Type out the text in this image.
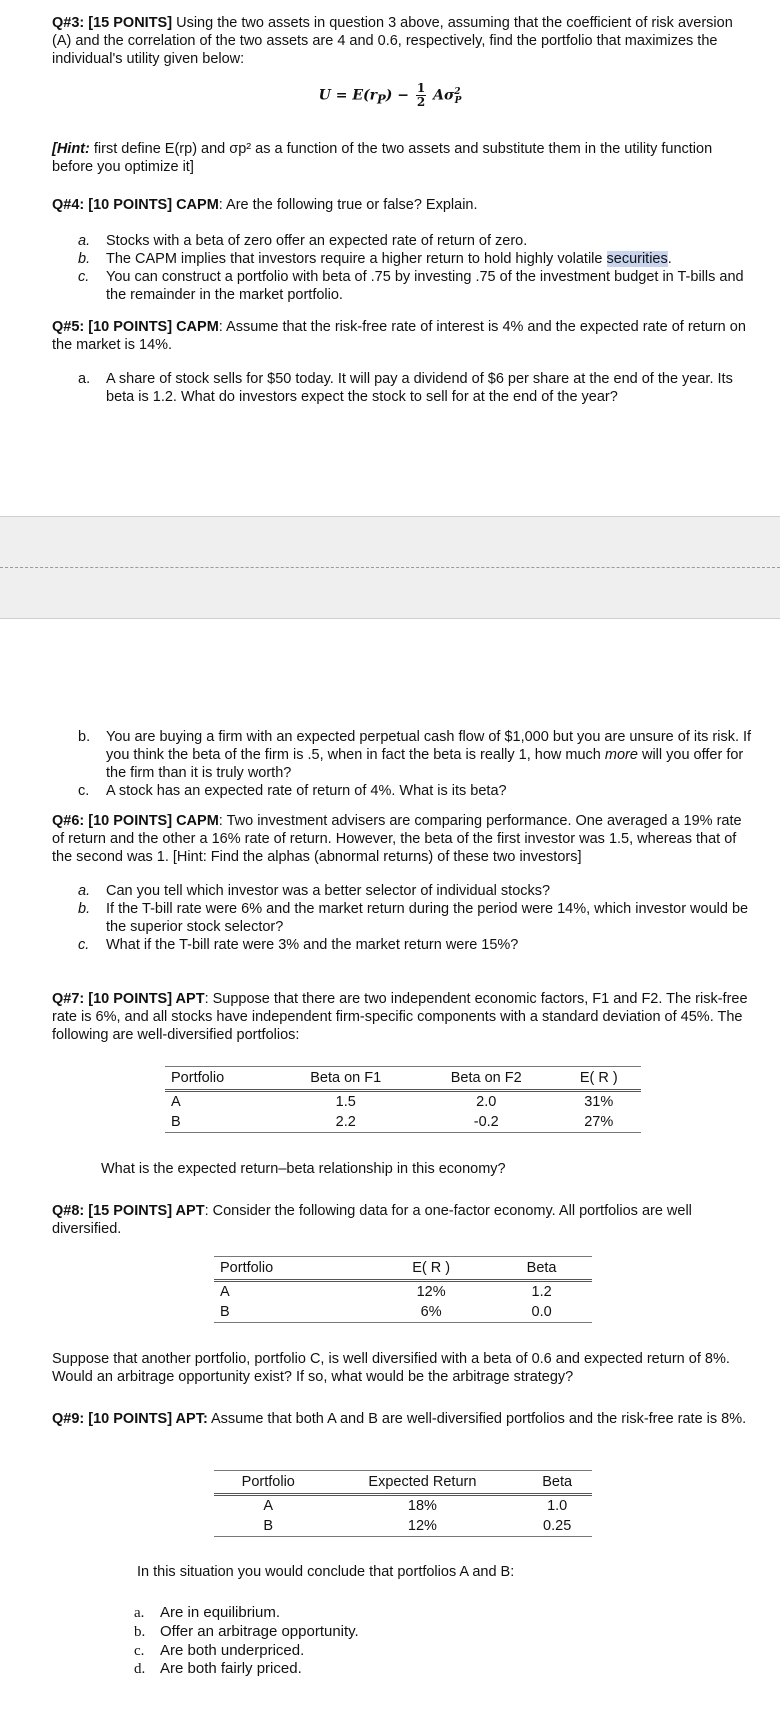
Q#3: [15 PONITS] Using the two assets in question 3 above, assuming that the coefficient of risk aversion (A) and the correlation of the two assets are 4 and 0.6, respectively, find the portfolio that maximizes the individual's utility given below:

$U = E(r_P) - \frac{1}{2} A\sigma^2_P$

[Hint: first define E(rp) and σp² as a function of the two assets and substitute them in the utility function before you optimize it]

Q#4: [10 POINTS] CAPM: Are the following true or false? Explain.

a. Stocks with a beta of zero offer an expected rate of return of zero.
b. The CAPM implies that investors require a higher return to hold highly volatile securities.
c. You can construct a portfolio with beta of .75 by investing .75 of the investment budget in T-bills and the remainder in the market portfolio.

Q#5: [10 POINTS] CAPM: Assume that the risk-free rate of interest is 4% and the expected rate of return on the market is 14%.

a. A share of stock sells for $50 today. It will pay a dividend of $6 per share at the end of the year. Its beta is 1.2. What do investors expect the stock to sell for at the end of the year?
b. You are buying a firm with an expected perpetual cash flow of $1,000 but you are unsure of its risk. If you think the beta of the firm is .5, when in fact the beta is really 1, how much more will you offer for the firm than it is truly worth?
c. A stock has an expected rate of return of 4%. What is its beta?

Q#6: [10 POINTS] CAPM: Two investment advisers are comparing performance. One averaged a 19% rate of return and the other a 16% rate of return. However, the beta of the first investor was 1.5, whereas that of the second was 1. [Hint: Find the alphas (abnormal returns) of these two investors]

a. Can you tell which investor was a better selector of individual stocks?
b. If the T-bill rate were 6% and the market return during the period were 14%, which investor would be the superior stock selector?
c. What if the T-bill rate were 3% and the market return were 15%?

Q#7: [10 POINTS] APT: Suppose that there are two independent economic factors, F1 and F2. The risk-free rate is 6%, and all stocks have independent firm-specific components with a standard deviation of 45%. The following are well-diversified portfolios:

Portfolio	Beta on F1	Beta on F2	E( R )
A	1.5	2.0	31%
B	2.2	-0.2	27%

What is the expected return–beta relationship in this economy?

Q#8: [15 POINTS] APT: Consider the following data for a one-factor economy. All portfolios are well diversified.

Portfolio	E( R )	Beta
A	12%	1.2
B	6%	0.0

Suppose that another portfolio, portfolio C, is well diversified with a beta of 0.6 and expected return of 8%. Would an arbitrage opportunity exist? If so, what would be the arbitrage strategy?

Q#9: [10 POINTS] APT: Assume that both A and B are well-diversified portfolios and the risk-free rate is 8%.

Portfolio	Expected Return	Beta
A	18%	1.0
B	12%	0.25

In this situation you would conclude that portfolios A and B:

a. Are in equilibrium.
b. Offer an arbitrage opportunity.
c. Are both underpriced.
d. Are both fairly priced.
